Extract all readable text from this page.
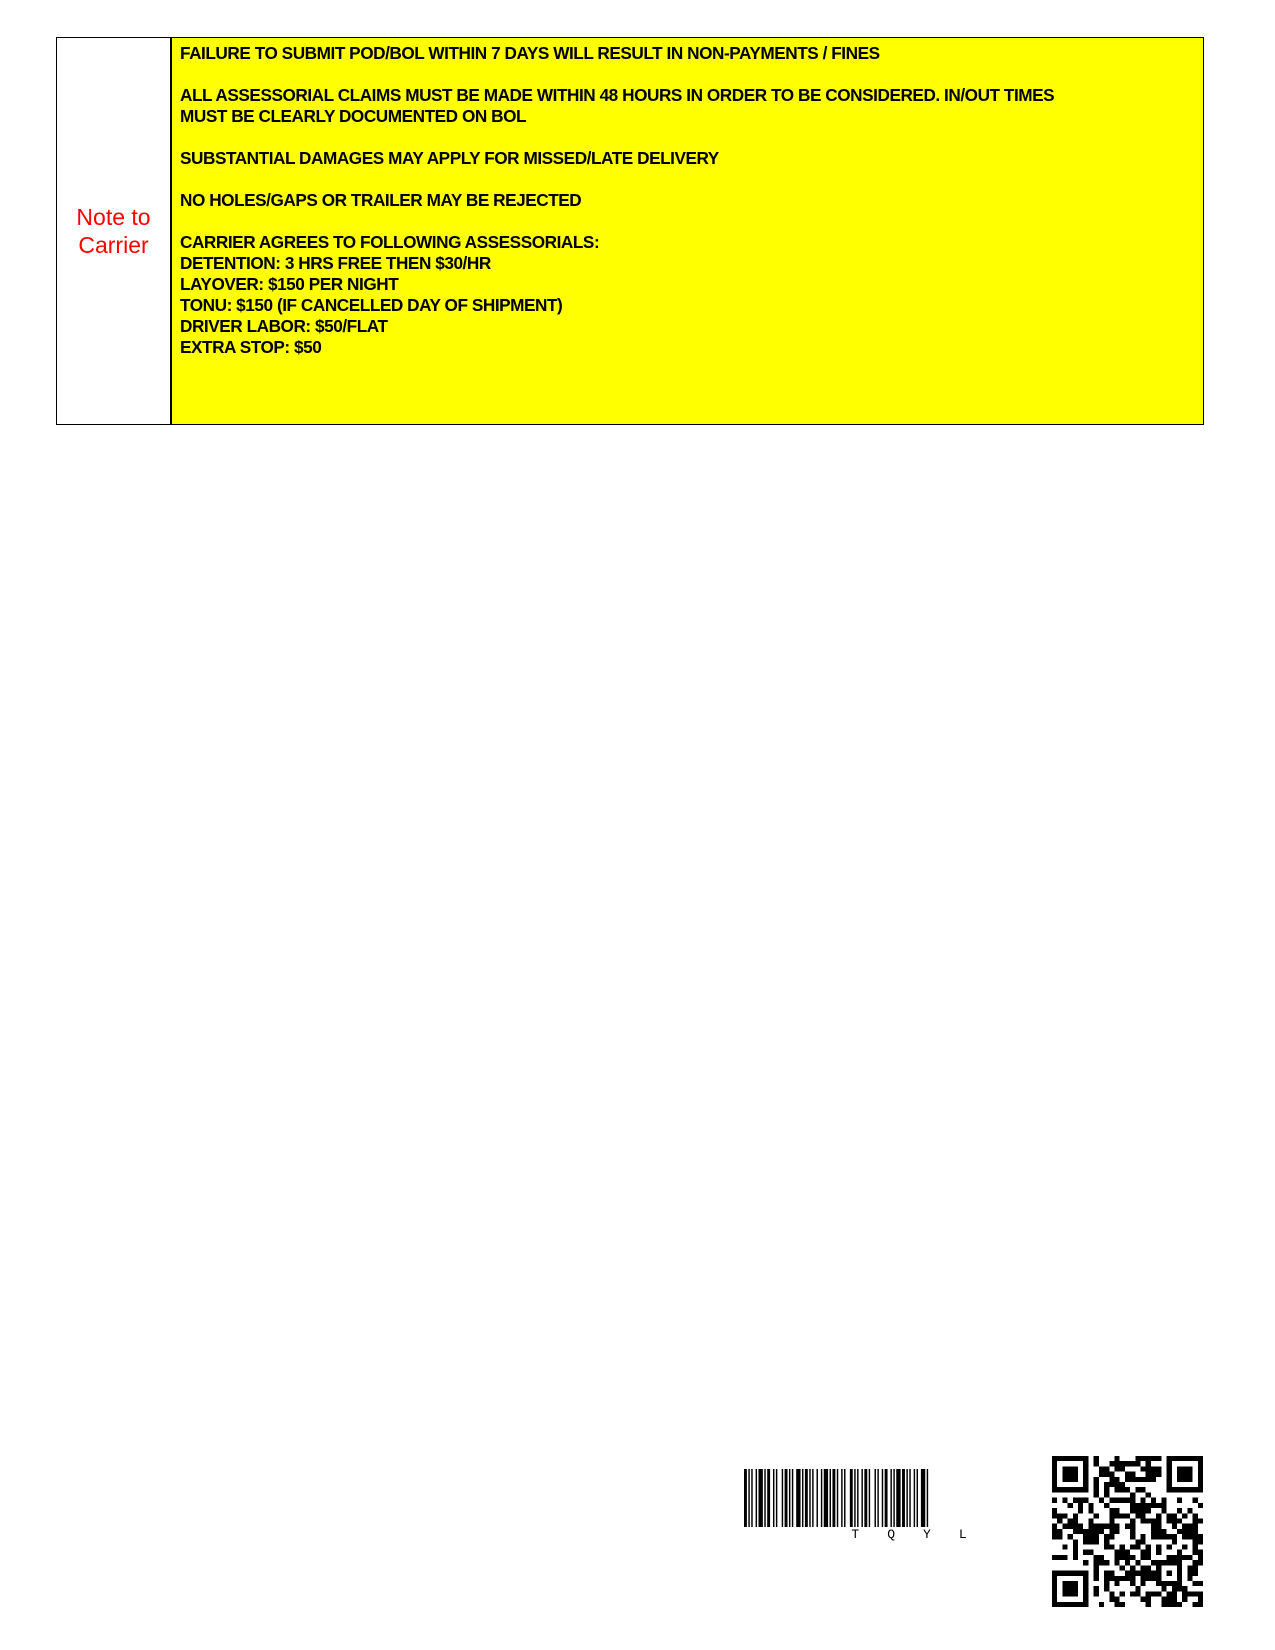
Note to
Carrier
FAILURE TO SUBMIT POD/BOL WITHIN 7 DAYS WILL RESULT IN NON-PAYMENTS / FINES
ALL ASSESSORIAL CLAIMS MUST BE MADE WITHIN 48 HOURS IN ORDER TO BE CONSIDERED. IN/OUT TIMES
MUST BE CLEARLY DOCUMENTED ON BOL
SUBSTANTIAL DAMAGES MAY APPLY FOR MISSED/LATE DELIVERY
NO HOLES/GAPS OR TRAILER MAY BE REJECTED
CARRIER AGREES TO FOLLOWING ASSESSORIALS:
DETENTION: 3 HRS FREE THEN $30/HR
LAYOVER: $150 PER NIGHT
TONU: $150 (IF CANCELLED DAY OF SHIPMENT)
DRIVER LABOR: $50/FLAT
EXTRA STOP: $50
T Q Y L
